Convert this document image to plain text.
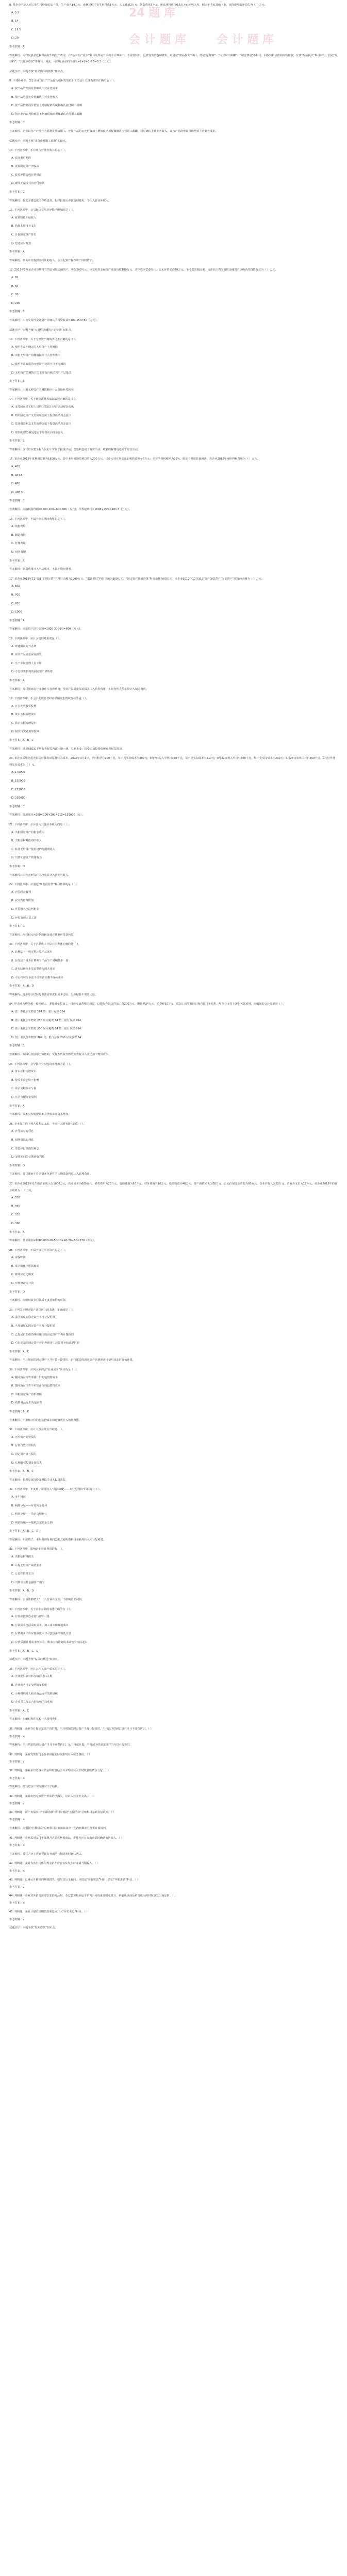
8. 某企业产品入库后发生可修复废品一批，生产成本14万元，返修过程中发生材料费1万元、人工费用2万元、制造费用3万元，废品残料作价0.5万元已回收入库。假定不考虑其他因素，该批废品的净损失为（ ）万元。
A. 5.5
B. 14
C. 19.5
D. 20
参考答案：A
答案解析：可修复废品返修以前发生的生产费用，在“基本生产成本”科目及所属有关成本计算单中，不需要转出。返修发生的各种费用，应借记“废品损失”科目，贷记“原材料”、“应付职工薪酬”、“制造费用”等科目。回收残料价值和应收赔款，应从“废品损失”科目转出，借记“原材料”、“其他应收款”等科目。因此，可修复废品的净损失=1+2+3-0.5=5.5（万元）。
试题点评：本题考核“废品损失的核算”知识点。
9. 下列各项中，关于企业以自产产品作为福利发放给职工的会计处理表述不正确的是（ ）。
A. 按产品的账面价值确认主营业务成本
B. 按产品的公允价值确认主营业务收入
C. 按产品的账面价值加上增值税销项税额确认应付职工薪酬
D. 按产品的公允价值加上增值税销项税额确认应付职工薪酬
参考答案：C
答案解析：企业以自产产品作为福利发放给职工，应按产品的公允价值加上增值税销项税额确认应付职工薪酬，同时确认主营业务收入，并按产品的账面价值结转主营业务成本。
试题点评：本题考核“非货币性职工薪酬”知识点。
10. 下列各项中，不应计入营业外收入的是（ ）。
A. 债务重组利得
B. 处置固定资产净收益
C. 收发差错造成存货盘盈
D. 确实无法支付的应付账款
参考答案：C
答案解析：收发差错造成的存货盘盈，报经批准后冲减管理费用，不计入营业外收入。
11. 下列各项中，会引起事业单位净资产增加的是（ ）。
A. 收到财政补助收入
B. 结转本期事业支出
C. 计提固定资产折旧
D. 偿还应付账款
参考答案：A
答案解析：事业单位收到财政补助收入，会引起资产和净资产同时增加。
12. 2012年1月某企业出售持有的交易性金融资产，售价200万元，该交易性金融资产账面价值180万元，其中成本150万元，公允价值变动30万元，不考虑其他因素，该企业出售交易性金融资产应确认的投资收益为（ ）万元。
A. 20
B. 50
C. 30
D. 200
参考答案：B
答案解析：出售交易性金融资产应确认的投资收益=200-150=50（万元）。
试题点评：本题考核“交易性金融资产的处置”知识点。
13. 下列各项中，关于无形资产摊销表述不正确的是（ ）。
A. 使用寿命不确定的无形资产不应摊销
B. 出租无形资产的摊销额应计入管理费用
C. 使用寿命有限的无形资产处置当月不再摊销
D. 无形资产的摊销方法主要有直线法和生产总量法
参考答案：B
答案解析：出租无形资产的摊销额应计入其他业务成本。
14. 下列各项中，关于现金流量表编制表述正确的是（ ）。
A. 支付给在建工程人员的工资属于经营活动现金流出
B. 购买固定资产支付的现金属于投资活动现金流出
C. 偿还借款利息支付的现金属于投资活动现金流出
D. 收到的增值税返还属于筹资活动现金流入
参考答案：B
答案解析：支付给在建工程人员的工资属于投资活动；偿还利息属于筹资活动；收到的税费返还属于经营活动。
15. 某企业2012年度利润总额为1800万元，其中本年度国债利息收入200万元，已计入营业外支出的税收滞纳金6万元；企业所得税税率为25%。假定不考虑其他因素，该企业2012年度所得税费用为（ ）万元。
A. 400
B. 401.5
C. 450
D. 498.5
参考答案：B
答案解析：应纳税所得额=1800-200+6=1606（万元），所得税费用=1606×25%=401.5（万元）。
16. 下列各项中，不属于企业期间费用的是（ ）。
A. 销售费用
B. 制造费用
C. 管理费用
D. 财务费用
参考答案：B
答案解析：制造费用计入产品成本，不属于期间费用。
17. 某企业2012年12月31日“固定资产”科目余额为1000万元，“累计折旧”科目余额为300万元，“固定资产减值准备”科目余额为50万元。该企业2012年12月31日资产负债表中“固定资产”项目的金额为（ ）万元。
A. 650
B. 700
C. 950
D. 1000
参考答案：A
答案解析：固定资产项目金额=1000-300-50=650（万元）。
18. 下列各项中，应计入管理费用的是（ ）。
A. 筹建期间的开办费
B. 预计产品质量保证损失
C. 生产车间管理人员工资
D. 专设销售机构的固定资产修理费
参考答案：A
答案解析：筹建期间的开办费计入管理费用；预计产品质量保证损失计入销售费用；车间管理人员工资计入制造费用。
19. 下列各项中，不会引起所有者权益总额发生增减变动的是（ ）。
A. 宣告发放股票股利
B. 资本公积转增资本
C. 盈余公积转增资本
D. 接受投资者追加投资
参考答案：A、B、C
答案解析：选项ABC属于所有者权益内部一增一减，总额不变；接受追加投资使所有者权益增加。
20. 某企业采用先进先出法计算发出原材料的成本。2012年9月1日，甲材料结存200千克，每千克实际成本为300元；9月7日购入甲材料350千克，每千克实际成本为310元；9月21日购入甲材料400千克，每千克实际成本为290元；9月28日发出甲材料500千克。9月份甲材料发出成本为（ ）元。
A. 145000
B. 150000
C. 153000
D. 155000
参考答案：C
答案解析：发出成本=200×300+300×310=153000（元）。
21. 下列各项中，不应计入其他业务收入的是（ ）。
A. 出租固定资产的租金收入
B. 出售原材料取得的收入
C. 转让无形资产使用权的使用费收入
D. 出售无形资产的净收益
参考答案：D
答案解析：出售无形资产的净收益计入营业外收入。
22. 下列各项中，应通过“其他应付款”科目核算的是（ ）。
A. 应付现金股利
B. 应交教育费附加
C. 应付租入包装物租金
D. 应付管理人员工资
参考答案：C
答案解析：应付租入包装物的租金通过其他应付款核算。
23. 下列各项中，关于产品成本计算方法表述正确的是（ ）。
A. 品种法下一般定期计算产品成本
B. 分批法下成本计算期与产品生产周期基本一致
C. 逐步结转分步法需要进行成本还原
D. 平行结转分步法不计算各步骤半成品成本
参考答案：A、B、D
答案解析：逐步综合结转分步法需要进行成本还原，分项结转不需要还原。
24. 甲企业为增值税一般纳税人，委托外单位加工一批应交消费税的商品，以银行存款支付加工费200万元、增值税34万元、消费税30万元，该加工商品收回后将直接用于销售。甲企业支付上述相关款项时，应编制的会计分录是（ ）。
A. 借：委托加工物资 264 贷：银行存款 264
B. 借：委托加工物资 230 应交税费 34 贷：银行存款 264
C. 借：委托加工物资 200 应交税费 64 贷：银行存款 264
D. 借：委托加工物资 264 贷：银行存款 200 应交税费 64
参考答案：B
答案解析：收回后直接用于销售的，受托方代收代缴的消费税计入委托加工物资成本。
25. 下列各项中，会导致企业实收资本增加的是（ ）。
A. 资本公积转增资本
B. 接受非流动资产捐赠
C. 盈余公积弥补亏损
D. 宣告分配现金股利
参考答案：A
答案解析：资本公积转增资本会导致实收资本增加。
26. 企业发生的下列各项利息支出，不应计入财务费用的是（ ）。
A. 应付债券的利息
B. 短期借款的利息
C. 带息应付票据的利息
D. 筹建期间的长期借款利息
参考答案：D
答案解析：筹建期间不符合资本化条件的长期借款利息计入管理费用。
27. 某企业2012年发生的营业收入为1000万元，营业成本为600万元，销售费用为20万元，管理费用为50万元，财务费用为10万元，投资收益为40万元，资产减值损失为70万元，公允价值变动收益为80万元，营业外收入为25万元，营业外支出为15万元。该企业2012年的营业利润为（ ）万元。
A. 370
B. 330
C. 320
D. 390
参考答案：A
答案解析：营业利润=1000-600-20-50-10+40-70+80=370（万元）。
28. 下列各项中，不属于事业单位资产的是（ ）。
A. 应收账款
B. 零余额账户用款额度
C. 财政应返还额度
D. 应缴财政专户款
参考答案：D
答案解析：应缴财政专户款属于事业单位的负债。
29. 下列关于固定资产计提折旧的表述，正确的是（ ）。
A. 提前报废的固定资产不再补提折旧
B. 当月增加的固定资产当月计提折旧
C. 已提足折旧但仍继续使用的固定资产不再计提折旧
D. 自行建造的固定资产应自办理竣工决算时开始计提折旧
参考答案：A、C
答案解析：当月增加的固定资产下月开始计提折旧；自行建造的固定资产达到预定可使用状态时开始计提。
30. 下列各项中，应列入利润表“营业成本”项目的是（ ）。
A. 随同商品出售单独计价的包装物成本
B. 随同商品出售不单独计价的包装物成本
C. 出租固定资产的折旧额
D. 销售商品发生的运输费
参考答案：A、C
答案解析：不单独计价的包装物成本和运输费计入销售费用。
31. 下列各项中，应计入营业外支出的是（ ）。
A. 无形资产处置损失
B. 存货自然灾害损失
C. 固定资产盘亏损失
D. 长期股权投资处置损失
参考答案：A、B、C
答案解析：长期股权投资处置损失计入投资收益。
32. 下列各项中，年度终了需要转入“利润分配——未分配利润”科目的有（ ）。
A. 本年利润
B. 利润分配——应付现金股利
C. 利润分配——盈余公积补亏
D. 利润分配——提取法定盈余公积
参考答案：A、B、C、D
答案解析：年度终了，本年利润及利润分配其他明细科目余额均转入未分配利润。
33. 下列各项中，影响企业营业利润的有（ ）。
A. 出售原材料损失
B. 计提无形资产减值准备
C. 公益性捐赠支出
D. 出售交易性金融资产损失
参考答案：A、B、D
答案解析：公益性捐赠支出计入营业外支出，不影响营业利润。
34. 下列各项中，关于企业存货的表述正确的有（ ）。
A. 存货应按照成本进行初始计量
B. 存货成本包括采购成本、加工成本和其他成本
C. 存货期末计价应按照成本与可变现净值孰低计量
D. 存货采用计划成本核算的，期末应将计划成本调整为实际成本
参考答案：A、B、C、D
试题点评：本题考核“存货的概述”知识点。
35. 下列各项中，应计入相关资产成本的有（ ）。
A. 企业进口原材料交纳的进口关税
B. 企业商务用车交纳的车船税
C. 小规模纳税人购买商品支付的增值税
D. 企业书立加工合同交纳的印花税
参考答案：A、C
答案解析：车船税和印花税计入管理费用。
36. 判断题：企业在计提固定资产折旧时，当月增加的固定资产当月计提折旧，当月减少的固定资产当月不计提折旧。（ ）
参考答案：×
答案解析：当月增加的固定资产当月不计提折旧，从下月起计提；当月减少的固定资产当月仍计提折旧。
37. 判断题：企业发生的现金折扣应在实际发生时计入财务费用。（ ）
参考答案：√
38. 判断题：事业单位的事业结余和经营结余年末均应转入非财政补助结余分配。（ ）
参考答案：×
答案解析：经营结余出现亏损时不予结转。
39. 判断题：企业出售无形资产形成的净损失，应计入营业外支出。（ ）
参考答案：√
40. 判断题：资产负债表中“长期借款”项目应根据“长期借款”总账科目余额直接填列。（ ）
参考答案：×
答案解析：应根据“长期借款”总账科目余额扣除其中一年内到期部分分析计算填列。
41. 判断题：企业采用支付手续费方式委托代销商品，委托方应在发出商品时确认销售收入。（ ）
参考答案：×
答案解析：委托方应在收到受托方开出的代销清单时确认收入。
42. 判断题：企业为客户提供的现金折扣应在实际发生时冲减当期收入。（ ）
参考答案：×
43. 判断题：已确认并转销的坏账损失，如果以后又收回，应借记“应收账款”科目，贷记“坏账准备”科目。（ ）
参考答案：√
44. 判断题：企业对外销售需要安装的商品时，若安装和检验属于销售合同的重要组成部分，则确认该商品销售收入的时间是发出商品时。（ ）
参考答案：×
45. 判断题：企业计提的短期借款利息应计入“应付利息”科目。（ ）
参考答案：√
试题点评：本题考核“短期借款”知识点。
24 题 库
会 计 题 库	会 计 题 库
